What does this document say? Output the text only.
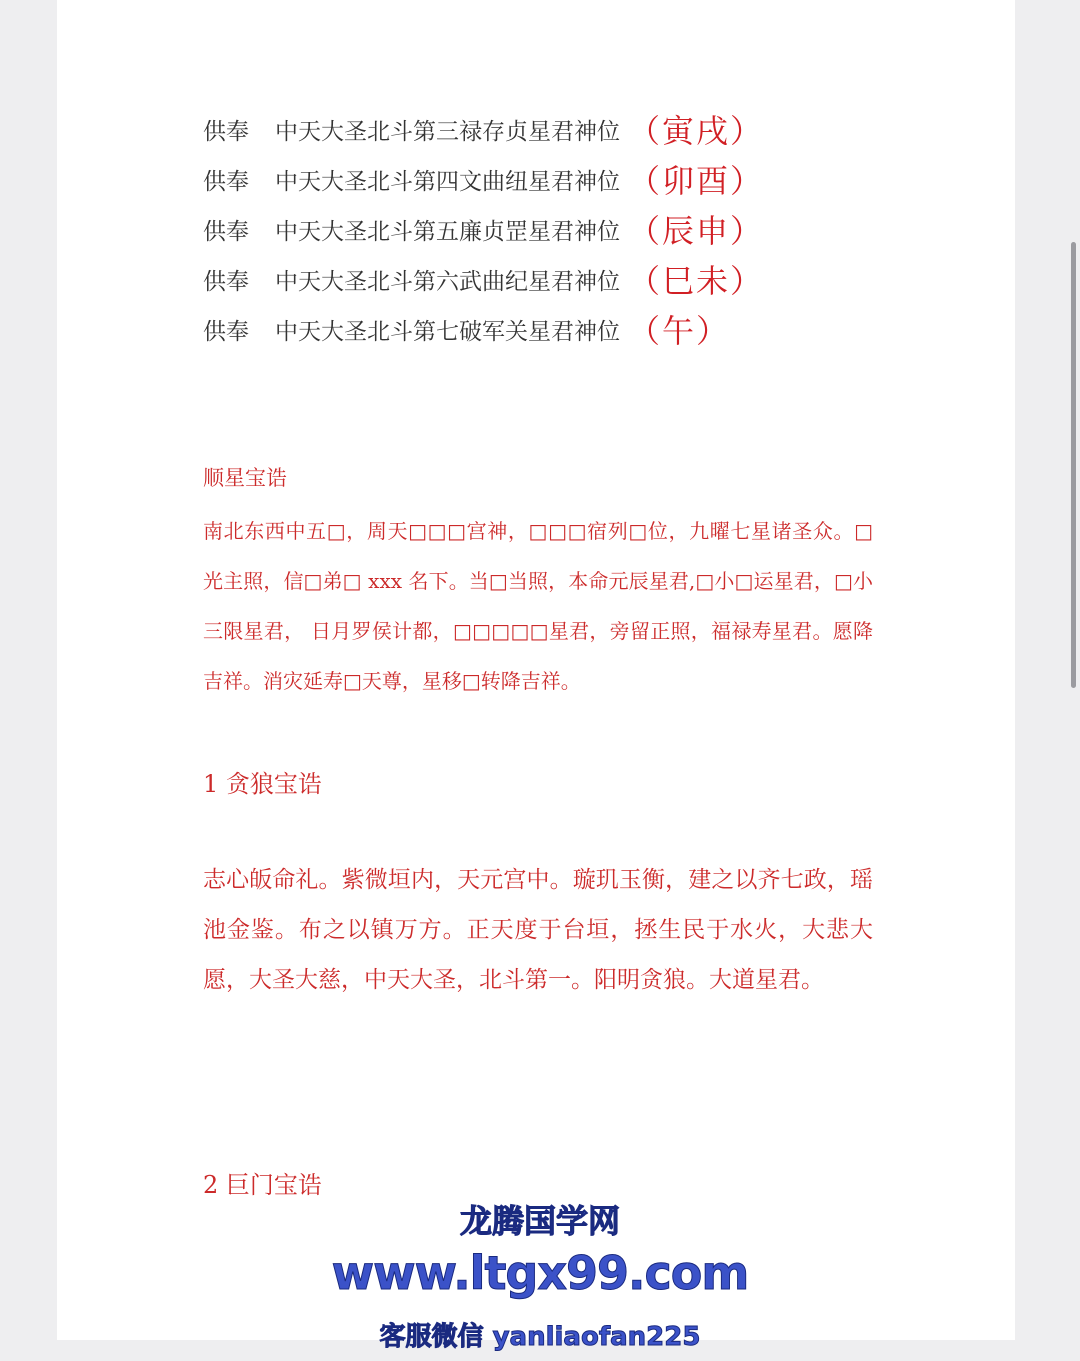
供奉	中天大圣北斗第三禄存贞星君神位 （寅戌）
供奉	中天大圣北斗第四文曲纽星君神位 （卯酉）
供奉	中天大圣北斗第五廉贞罡星君神位 （辰申）
供奉	中天大圣北斗第六武曲纪星君神位 （巳未）
供奉	中天大圣北斗第七破军关星君神位 （午）
顺星宝诰
南北东西中五□，周天□□□宫神，□□□宿列□位，九曜七星诸圣众。□光主照，信□弟□ xxx 名下。当□当照，本命元辰星君,□小□运星君，□小三限星君， 日月罗侯计都，□□□□□星君，旁留正照，福禄寿星君。愿降吉祥。消灾延寿□天尊，星移□转降吉祥。
1 贪狼宝诰
志心皈命礼。紫微垣内，天元宫中。璇玑玉衡，建之以齐七政，瑶池金鉴。布之以镇万方。正天度于台垣，拯生民于水火，大悲大愿，大圣大慈，中天大圣，北斗第一。阳明贪狼。大道星君。
2 巨门宝诰
龙腾国学网
www.ltgx99.com
客服微信 yanliaofan225
